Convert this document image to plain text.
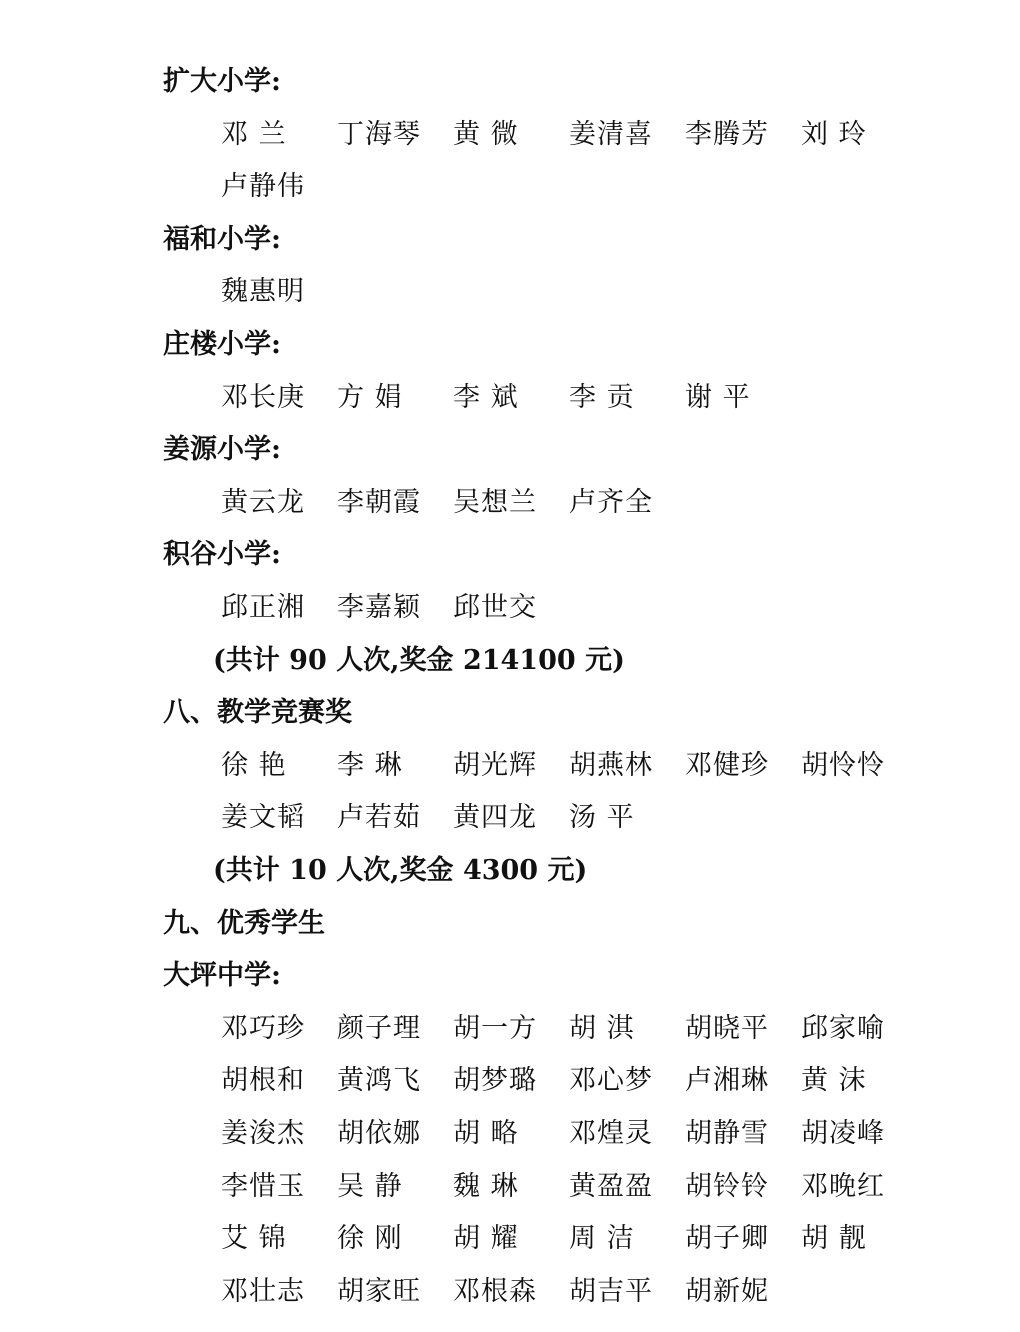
扩大小学:
邓 兰 丁海琴 黄 微 姜清喜 李腾芳 刘 玲
卢静伟
福和小学:
魏惠明
庄楼小学:
邓长庚 方 娟 李 斌 李 贡 谢 平
姜源小学:
黄云龙 李朝霞 吴想兰 卢齐全
积谷小学:
邱正湘 李嘉颖 邱世交
(共计 90 人次,奖金 214100 元)
八、教学竞赛奖
徐 艳 李 琳 胡光辉 胡燕林 邓健珍 胡怜怜
姜文韬 卢若茹 黄四龙 汤 平
(共计 10 人次,奖金 4300 元)
九、优秀学生
大坪中学:
邓巧珍 颜子理 胡一方 胡 淇 胡晓平 邱家喻
胡根和 黄鸿飞 胡梦璐 邓心梦 卢湘琳 黄 沫
姜浚杰 胡依娜 胡 略 邓煌灵 胡静雪 胡凌峰
李惜玉 吴 静 魏 琳 黄盈盈 胡铃铃 邓晚红
艾 锦 徐 刚 胡 耀 周 洁 胡子卿 胡 靓
邓壮志 胡家旺 邓根森 胡吉平 胡新妮
